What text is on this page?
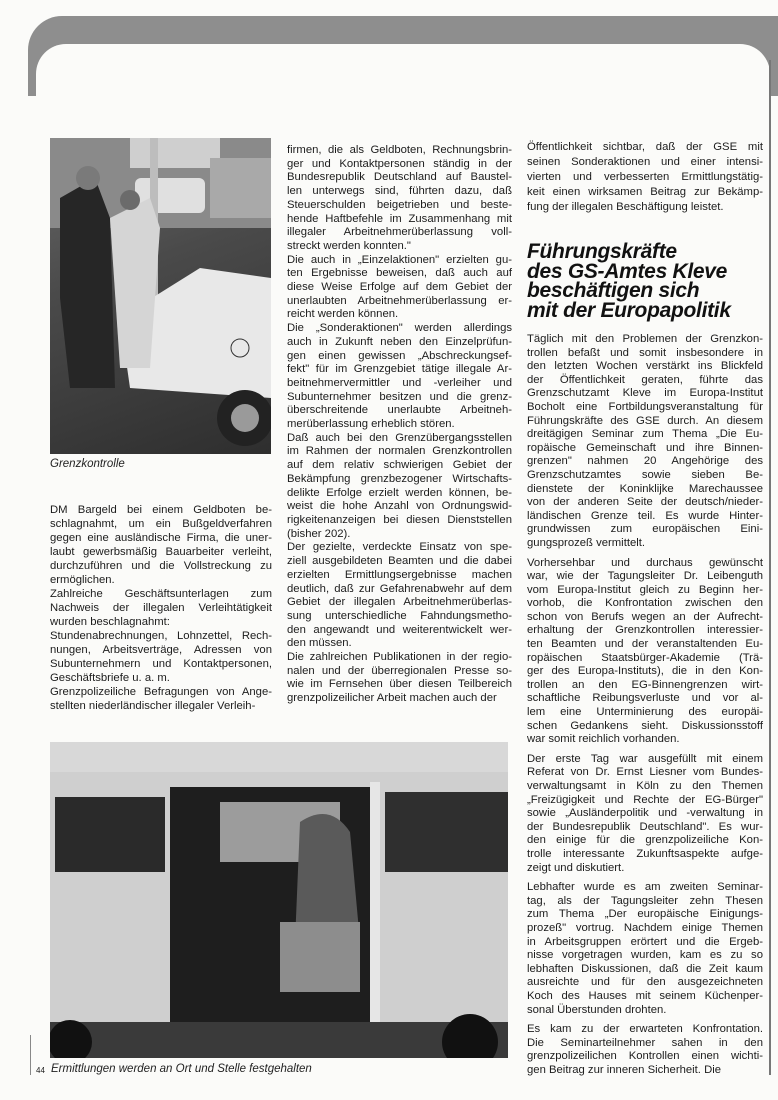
Grenzkontrolle
DM Bargeld bei einem Geldboten be-
schlagnahmt, um ein Bußgeldverfahren
gegen eine ausländische Firma, die uner-
laubt gewerbsmäßig Bauarbeiter verleiht,
durchzuführen und die Vollstreckung zu
ermöglichen.
Zahlreiche Geschäftsunterlagen zum
Nachweis der illegalen Verleihtätigkeit
wurden beschlagnahmt:
Stundenabrechnungen, Lohnzettel, Rech-
nungen, Arbeitsverträge, Adressen von
Subunternehmern und Kontaktpersonen,
Geschäftsbriefe u. a. m.
Grenzpolizeiliche Befragungen von Ange-
stellten niederländischer illegaler Verleih-
firmen, die als Geldboten, Rechnungsbrin-
ger und Kontaktpersonen ständig in der
Bundesrepublik Deutschland auf Baustel-
len unterwegs sind, führten dazu, daß
Steuerschulden beigetrieben und beste-
hende Haftbefehle im Zusammenhang mit
illegaler Arbeitnehmerüberlassung voll-
streckt werden konnten."
Die auch in „Einzelaktionen" erzielten gu-
ten Ergebnisse beweisen, daß auch auf
diese Weise Erfolge auf dem Gebiet der
unerlaubten Arbeitnehmerüberlassung er-
reicht werden können.
Die „Sonderaktionen" werden allerdings
auch in Zukunft neben den Einzelprüfun-
gen einen gewissen „Abschreckungsef-
fekt" für im Grenzgebiet tätige illegale Ar-
beitnehmervermittler und -verleiher und
Subunternehmer besitzen und die grenz-
überschreitende unerlaubte Arbeitneh-
merüberlassung erheblich stören.
Daß auch bei den Grenzübergangsstellen
im Rahmen der normalen Grenzkontrollen
auf dem relativ schwierigen Gebiet der
Bekämpfung grenzbezogener Wirtschafts-
delikte Erfolge erzielt werden können, be-
weist die hohe Anzahl von Ordnungswid-
rigkeitenanzeigen bei diesen Dienststellen
(bisher 202).
Der gezielte, verdeckte Einsatz von spe-
ziell ausgebildeten Beamten und die dabei
erzielten Ermittlungsergebnisse machen
deutlich, daß zur Gefahrenabwehr auf dem
Gebiet der illegalen Arbeitnehmerüberlas-
sung unterschiedliche Fahndungsmetho-
den angewandt und weiterentwickelt wer-
den müssen.
Die zahlreichen Publikationen in der regio-
nalen und der überregionalen Presse so-
wie im Fernsehen über diesen Teilbereich
grenzpolizeilicher Arbeit machen auch der
Öffentlichkeit sichtbar, daß der GSE mit
seinen Sonderaktionen und einer intensi-
vierten und verbesserten Ermittlungstätig-
keit einen wirksamen Beitrag zur Bekämp-
fung der illegalen Beschäftigung leistet.
Führungskräfte
des GS-Amtes Kleve
beschäftigen sich
mit der Europapolitik
Täglich mit den Problemen der Grenzkon-
trollen befaßt und somit insbesondere in
den letzten Wochen verstärkt ins Blickfeld
der Öffentlichkeit geraten, führte das
Grenzschutzamt Kleve im Europa-Institut
Bocholt eine Fortbildungsveranstaltung für
Führungskräfte des GSE durch. An diesem
dreitägigen Seminar zum Thema „Die Eu-
ropäische Gemeinschaft und ihre Binnen-
grenzen" nahmen 20 Angehörige des
Grenzschutzamtes sowie sieben Be-
dienstete der Koninklijke Marechaussee
von der anderen Seite der deutsch/nieder-
ländischen Grenze teil. Es wurde Hinter-
grundwissen zum europäischen Eini-
gungsprozeß vermittelt.
Vorhersehbar und durchaus gewünscht
war, wie der Tagungsleiter Dr. Leibenguth
vom Europa-Institut gleich zu Beginn her-
vorhob, die Konfrontation zwischen den
schon von Berufs wegen an der Aufrecht-
erhaltung der Grenzkontrollen interessier-
ten Beamten und der veranstaltenden Eu-
ropäischen Staatsbürger-Akademie (Trä-
ger des Europa-Instituts), die in den Kon-
trollen an den EG-Binnengrenzen wirt-
schaftliche Reibungsverluste und vor al-
lem eine Unterminierung des europäi-
schen Gedankens sieht. Diskussionsstoff
war somit reichlich vorhanden.
Der erste Tag war ausgefüllt mit einem
Referat von Dr. Ernst Liesner vom Bundes-
verwaltungsamt in Köln zu den Themen
„Freizügigkeit und Rechte der EG-Bürger"
sowie „Ausländerpolitik und -verwaltung in
der Bundesrepublik Deutschland". Es wur-
den einige für die grenzpolizeiliche Kon-
trolle interessante Zukunftsaspekte aufge-
zeigt und diskutiert.
Lebhafter wurde es am zweiten Seminar-
tag, als der Tagungsleiter zehn Thesen
zum Thema „Der europäische Einigungs-
prozeß" vortrug. Nachdem einige Themen
in Arbeitsgruppen erörtert und die Ergeb-
nisse vorgetragen wurden, kam es zu so
lebhaften Diskussionen, daß die Zeit kaum
ausreichte und für den ausgezeichneten
Koch des Hauses mit seinem Küchenper-
sonal Überstunden drohten.
Es kam zu der erwarteten Konfrontation.
Die Seminarteilnehmer sahen in den
grenzpolizeilichen Kontrollen einen wichti-
gen Beitrag zur inneren Sicherheit. Die
44 Ermittlungen werden an Ort und Stelle festgehalten
